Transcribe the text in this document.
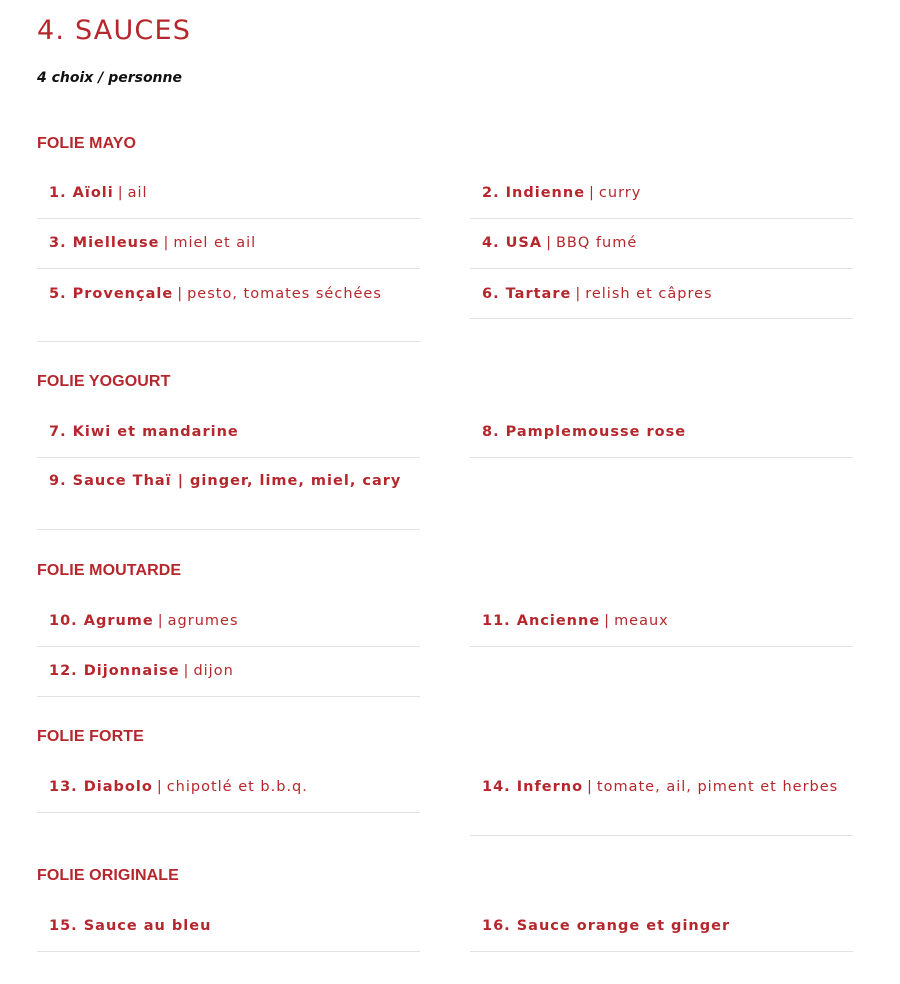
4. SAUCES
4 choix / personne
FOLIE MAYO
1. Aïoli | ail	2. Indienne | curry
3. Mielleuse | miel et ail	4. USA | BBQ fumé
5. Provençale | pesto, tomates séchées	6. Tartare | relish et câpres
FOLIE YOGOURT
7. Kiwi et mandarine	8. Pamplemousse rose
9. Sauce Thaï | ginger, lime, miel, cary
FOLIE MOUTARDE
10. Agrume | agrumes	11. Ancienne | meaux
12. Dijonnaise | dijon
FOLIE FORTE
13. Diabolo | chipotlé et b.b.q.	14. Inferno | tomate, ail, piment et herbes
FOLIE ORIGINALE
15. Sauce au bleu	16. Sauce orange et ginger
